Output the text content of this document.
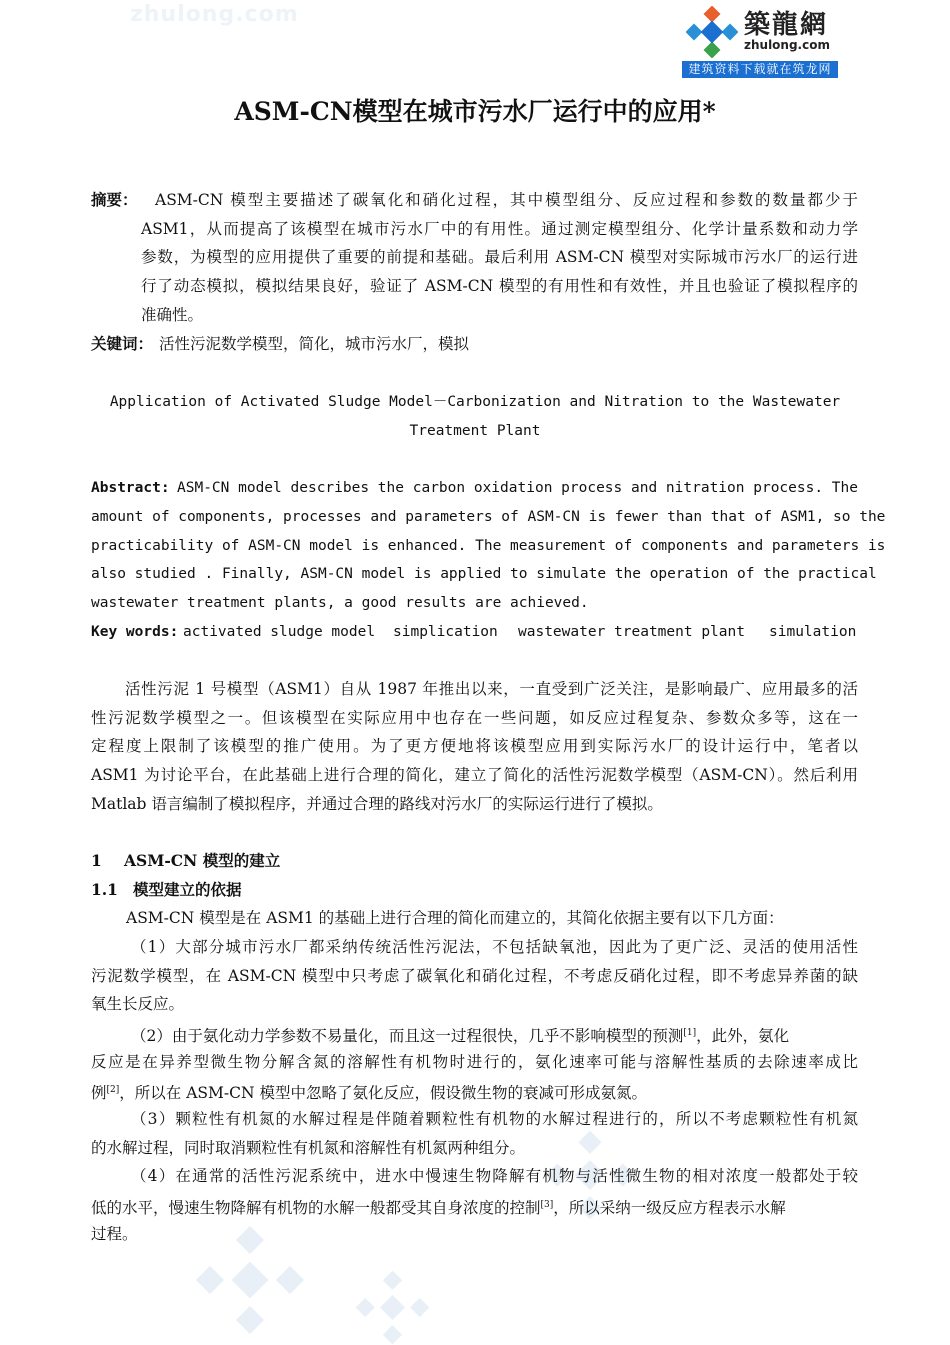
zhulong.com	築龍網
zhulong.com
建筑资料下载就在筑龙网
ASM-CN模型在城市污水厂运行中的应用*
摘要： ASM-CN 模型主要描述了碳氧化和硝化过程，其中模型组分、反应过程和参数的数量都少于
ASM1，从而提高了该模型在城市污水厂中的有用性。通过测定模型组分、化学计量系数和动力学
参数，为模型的应用提供了重要的前提和基础。最后利用 ASM-CN 模型对实际城市污水厂的运行进
行了动态模拟，模拟结果良好，验证了 ASM-CN 模型的有用性和有效性，并且也验证了模拟程序的
准确性。
关键词： 活性污泥数学模型，简化，城市污水厂，模拟
Application of Activated Sludge Model－Carbonization and Nitration to the Wastewater
Treatment Plant
Abstract: ASM-CN model describes the carbon oxidation process and nitration process. The
amount of components, processes and parameters of ASM-CN is fewer than that of ASM1, so the
practicability of ASM-CN model is enhanced. The measurement of components and parameters is
also studied . Finally, ASM-CN model is applied to simulate the operation of the practical
wastewater treatment plants, a good results are achieved.
Key words: activated sludge model simplication wastewater treatment plant simulation
活性污泥 1 号模型（ASM1）自从 1987 年推出以来，一直受到广泛关注，是影响最广、应用最多的活
性污泥数学模型之一。但该模型在实际应用中也存在一些问题，如反应过程复杂、参数众多等，这在一
定程度上限制了该模型的推广使用。为了更方便地将该模型应用到实际污水厂的设计运行中，笔者以
ASM1 为讨论平台，在此基础上进行合理的简化，建立了简化的活性污泥数学模型（ASM-CN）。然后利用
Matlab 语言编制了模拟程序，并通过合理的路线对污水厂的实际运行进行了模拟。
1 ASM-CN 模型的建立
1.1 模型建立的依据
ASM-CN 模型是在 ASM1 的基础上进行合理的简化而建立的，其简化依据主要有以下几方面：
（1）大部分城市污水厂都采纳传统活性污泥法，不包括缺氧池，因此为了更广泛、灵活的使用活性
污泥数学模型，在 ASM-CN 模型中只考虑了碳氧化和硝化过程，不考虑反硝化过程，即不考虑异养菌的缺
氧生长反应。
（2）由于氨化动力学参数不易量化，而且这一过程很快，几乎不影响模型的预测[1]，此外，氨化
反应是在异养型微生物分解含氮的溶解性有机物时进行的，氨化速率可能与溶解性基质的去除速率成比
例[2]，所以在 ASM-CN 模型中忽略了氨化反应，假设微生物的衰减可形成氨氮。
（3）颗粒性有机氮的水解过程是伴随着颗粒性有机物的水解过程进行的，所以不考虑颗粒性有机氮
的水解过程，同时取消颗粒性有机氮和溶解性有机氮两种组分。
（4）在通常的活性污泥系统中，进水中慢速生物降解有机物与活性微生物的相对浓度一般都处于较
低的水平，慢速生物降解有机物的水解一般都受其自身浓度的控制[3]，所以采纳一级反应方程表示水解
过程。
